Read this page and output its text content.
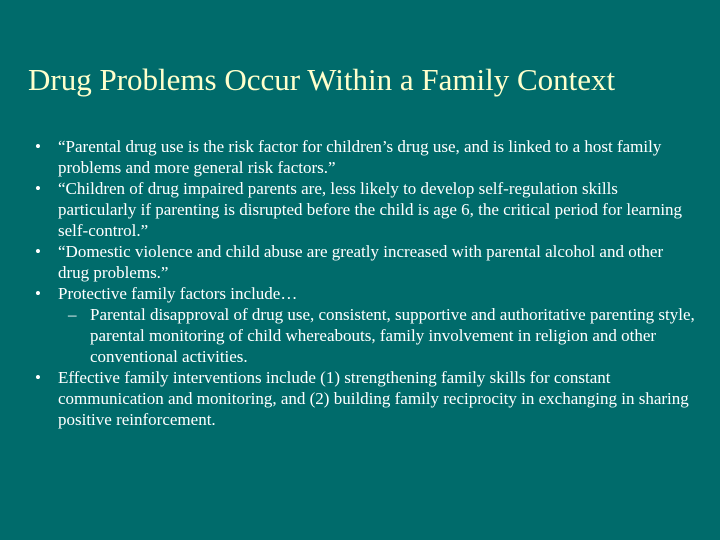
Drug Problems Occur Within a Family Context
•	“Parental drug use is the risk factor for children’s drug use, and is linked to a host family problems and more general risk factors.”
•	“Children of drug impaired parents are, less likely to develop self-regulation skills particularly if parenting is disrupted before the child is age 6, the critical period for learning self-control.”
•	“Domestic violence and child abuse are greatly increased with parental alcohol and other drug problems.”
•	Protective family factors include…
– Parental disapproval of drug use, consistent, supportive and authoritative parenting style, parental monitoring of child whereabouts, family involvement in religion and other conventional activities.
•	Effective family interventions include (1) strengthening family skills for constant communication and monitoring, and (2) building family reciprocity in exchanging in sharing positive reinforcement.
